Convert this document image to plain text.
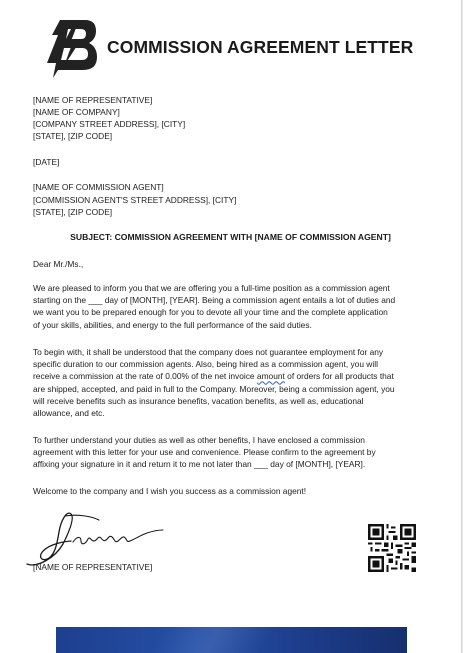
COMMISSION AGREEMENT LETTER
[NAME OF REPRESENTATIVE]
[NAME OF COMPANY]
[COMPANY STREET ADDRESS], [CITY]
[STATE], [ZIP CODE]
[DATE]
[NAME OF COMMISSION AGENT]
[COMMISSION AGENT'S STREET ADDRESS], [CITY]
[STATE], [ZIP CODE]
SUBJECT: COMMISSION AGREEMENT WITH [NAME OF COMMISSION AGENT]
Dear Mr./Ms.,
We are pleased to inform you that we are offering you a full-time position as a commission agent
starting on the ___ day of [MONTH], [YEAR]. Being a commission agent entails a lot of duties and
we want you to be prepared enough for you to devote all your time and the complete application
of your skills, abilities, and energy to the full performance of the said duties.
To begin with, it shall be understood that the company does not guarantee employment for any
specific duration to our commission agents. Also, being hired as a commission agent, you will
receive a commission at the rate of 0.00% of the net invoice amount of orders for all products that
are shipped, accepted, and paid in full to the Company. Moreover, being a commission agent, you
will receive benefits such as insurance benefits, vacation benefits, as well as, educational
allowance, and etc.
To further understand your duties as well as other benefits, I have enclosed a commission
agreement with this letter for your use and convenience. Please confirm to the agreement by
affixing your signature in it and return it to me not later than ___ day of [MONTH], [YEAR].
Welcome to the company and I wish you success as a commission agent!
[NAME OF REPRESENTATIVE]
